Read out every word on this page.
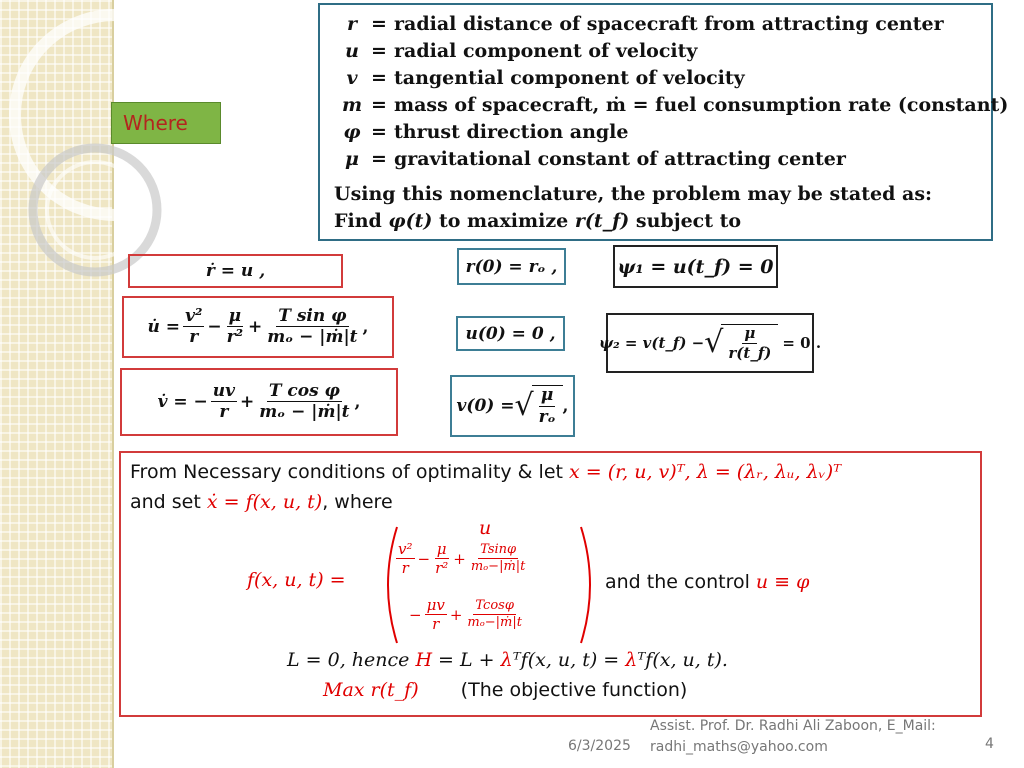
Where
r = radial distance of spacecraft from attracting center
u = radial component of velocity
v = tangential component of velocity
m = mass of spacecraft, ṁ = fuel consumption rate (constant)
φ = thrust direction angle
μ = gravitational constant of attracting center
Using this nomenclature, the problem may be stated as:
Find φ(t) to maximize r(t_f) subject to
ṙ = u ,
u̇ = $\frac{\text{v²}}{r} - \frac{\mu}{\text{r²}} + \frac{\text{T sin φ}}{\text{mₒ − |ṁ|t}}$ ,
v̇ = − $\frac{uv}{r} + \frac{\text{T cos φ}}{\text{mₒ − |ṁ|t}}$ ,
r(0) = rₒ ,
u(0) = 0 ,
v(0) = √ $\frac{\mu}{\text{rₒ}}$ ,
ψ₁ = u(t_f) = 0
ψ₂ = v(t_f) − √ $\frac{\mu}{r(t\_f)} = 0$ .
From Necessary conditions of optimality & let x = (r, u, v)ᵀ, λ = (λᵣ, λᵤ, λᵥ)ᵀ
and set ẋ = f(x, u, t), where
f(x, u, t) =
u
$\frac{\text{v²}}{r} - \frac{\mu}{\text{r²}} + \frac{Tsin\varphi}{\text{mₒ−|ṁ|t}}$
− $\frac{\mu v}{r} + \frac{Tcos\varphi}{\text{mₒ−|ṁ|t}}$
and the control u ≡ φ
L = 0, hence H = L + λᵀf(x, u, t) = λᵀf(x, u, t).
Max r(t_f) (The objective function)
6/3/2025
Assist. Prof. Dr. Radhi Ali Zaboon, E_Mail:
radhi_maths@yahoo.com	4
